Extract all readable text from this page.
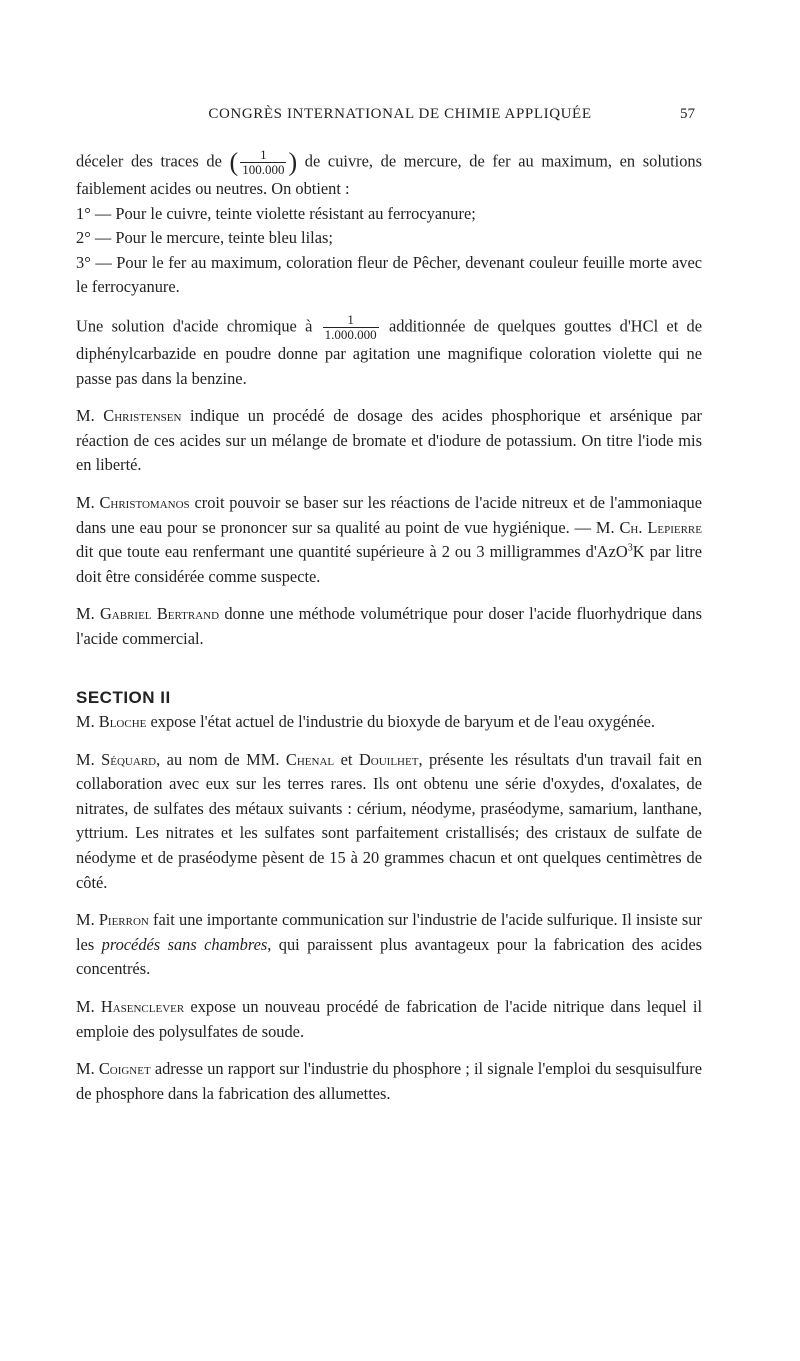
CONGRÈS INTERNATIONAL DE CHIMIE APPLIQUÉE	57

déceler des traces de ( $\frac{1}{100.000}$ ) de cuivre, de mercure, de fer au maximum, en solutions faiblement acides ou neutres. On obtient :

1° — Pour le cuivre, teinte violette résistant au ferrocyanure;

2° — Pour le mercure, teinte bleu lilas;

3° — Pour le fer au maximum, coloration fleur de Pêcher, devenant couleur feuille morte avec le ferrocyanure.

Une solution d'acide chromique à $\frac{1}{1.000.000}$ additionnée de quelques gouttes d'HCl et de diphénylcarbazide en poudre donne par agitation une magnifique coloration violette qui ne passe pas dans la benzine.

M. Christensen indique un procédé de dosage des acides phosphorique et arsénique par réaction de ces acides sur un mélange de bromate et d'iodure de potassium. On titre l'iode mis en liberté.

M. Christomanos croit pouvoir se baser sur les réactions de l'acide nitreux et de l'ammoniaque dans une eau pour se prononcer sur sa qualité au point de vue hygiénique. — M. Ch. Lepierre dit que toute eau renfermant une quantité supérieure à 2 ou 3 milligrammes d'AzO$^3$K par litre doit être considérée comme suspecte.

M. Gabriel Bertrand donne une méthode volumétrique pour doser l'acide fluorhydrique dans l'acide commercial.

SECTION II

M. Bloche expose l'état actuel de l'industrie du bioxyde de baryum et de l'eau oxygénée.

M. Séquard, au nom de MM. Chenal et Douilhet, présente les résultats d'un travail fait en collaboration avec eux sur les terres rares. Ils ont obtenu une série d'oxydes, d'oxalates, de nitrates, de sulfates des métaux suivants : cérium, néodyme, praséodyme, samarium, lanthane, yttrium. Les nitrates et les sulfates sont parfaitement cristallisés; des cristaux de sulfate de néodyme et de praséodyme pèsent de 15 à 20 grammes chacun et ont quelques centimètres de côté.

M. Pierron fait une importante communication sur l'industrie de l'acide sulfurique. Il insiste sur les procédés sans chambres, qui paraissent plus avantageux pour la fabrication des acides concentrés.

M. Hasenclever expose un nouveau procédé de fabrication de l'acide nitrique dans lequel il emploie des polysulfates de soude.

M. Coignet adresse un rapport sur l'industrie du phosphore ; il signale l'emploi du sesquisulfure de phosphore dans la fabrication des allumettes.
